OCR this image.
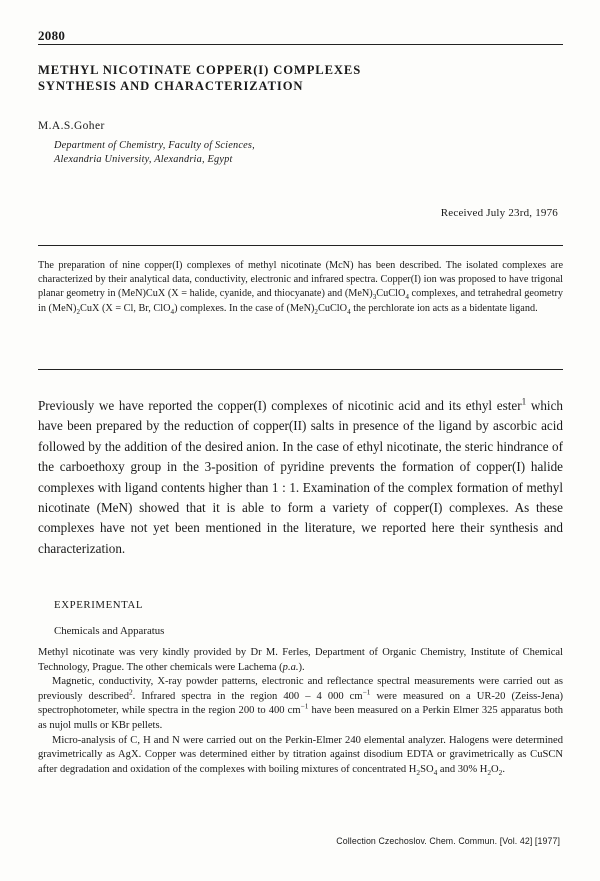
2080
METHYL NICOTINATE COPPER(I) COMPLEXES
SYNTHESIS AND CHARACTERIZATION
M.A.S.Goher
Department of Chemistry, Faculty of Sciences,
Alexandria University, Alexandria, Egypt
Received July 23rd, 1976

The preparation of nine copper(I) complexes of methyl nicotinate (McN) has been described. The isolated complexes are characterized by their analytical data, conductivity, electronic and infrared spectra. Copper(I) ion was proposed to have trigonal planar geometry in (MeN)CuX (X = halide, cyanide, and thiocyanate) and $(MeN)_3CuClO_4$ complexes, and tetrahedral geometry in $(MeN)_2CuX$ (X = Cl, Br, ClO$_4$) complexes. In the case of $(MeN)_2CuClO_4$ the perchlorate ion acts as a bidentate ligand.

Previously we have reported the copper(I) complexes of nicotinic acid and its ethyl ester$^1$ which have been prepared by the reduction of copper(II) salts in presence of the ligand by ascorbic acid followed by the addition of the desired anion. In the case of ethyl nicotinate, the steric hindrance of the carboethoxy group in the 3-position of pyridine prevents the formation of copper(I) halide complexes with ligand contents higher than 1 : 1. Examination of the complex formation of methyl nicotinate (MeN) showed that it is able to form a variety of copper(I) complexes. As these complexes have not yet been mentioned in the literature, we reported here their synthesis and characterization.

EXPERIMENTAL
Chemicals and Apparatus

Methyl nicotinate was very kindly provided by Dr M. Ferles, Department of Organic Chemistry, Institute of Chemical Technology, Prague. The other chemicals were Lachema (p.a.).

Magnetic, conductivity, X-ray powder patterns, electronic and reflectance spectral measurements were carried out as previously described$^2$. Infrared spectra in the region 400 – 4 000 $cm^{-1}$ were measured on a UR-20 (Zeiss-Jena) spectrophotometer, while spectra in the region 200 to 400 $cm^{-1}$ have been measured on a Perkin Elmer 325 apparatus both as nujol mulls or KBr pellets.

Micro-analysis of C, H and N were carried out on the Perkin-Elmer 240 elemental analyzer. Halogens were determined gravimetrically as AgX. Copper was determined either by titration against disodium EDTA or gravimetrically as CuSCN after degradation and oxidation of the complexes with boiling mixtures of concentrated $H_2SO_4$ and 30% $H_2O_2$.

Collection Czechoslov. Chem. Commun. [Vol. 42] [1977]
